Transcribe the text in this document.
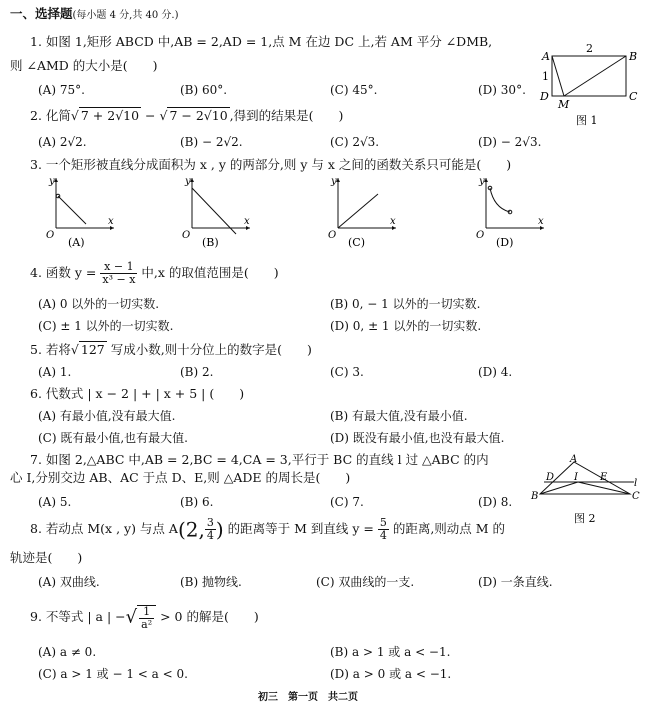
一、选择题(每小题 4 分,共 40 分.)
1. 如图 1,矩形 ABCD 中,AB = 2,AD = 1,点 M 在边 DC 上,若 AM 平分 ∠DMB,
则 ∠AMD 的大小是(　　)
(A) 75°.	(B) 60°.	(C) 45°.	(D) 30°.
A	B
C
D
M
2
1
图 1
2. 化简√ 7 + 2√10 − √ 7 − 2√10 ,得到的结果是(　　)
(A) 2√2.	(B) − 2√2.	(C) 2√3.	(D) − 2√3.
3. 一个矩形被直线分成面积为 x , y 的两部分,则 y 与 x 之间的函数关系只可能是(　　)
y
x
O
(A)
y
x
O
(B)
y
x
O
(C)
y
x
O
(D)
4. 函数 $y = \frac{x - 1}{\text{x³ − x}}$ 中,x 的取值范围是(　　)
(A) 0 以外的一切实数.	(B) 0, − 1 以外的一切实数.
(C) ± 1 以外的一切实数.	(D) 0, ± 1 以外的一切实数.
5. 若将√ 127 写成小数,则十分位上的数字是(　　)
(A) 1.	(B) 2.	(C) 3.	(D) 4.
6. 代数式 | x − 2 | + | x + 5 | (　　)
(A) 有最小值,没有最大值.	(B) 有最大值,没有最小值.
(C) 既有最小值,也有最大值.	(D) 既没有最小值,也没有最大值.
7. 如图 2,△ABC 中,AB = 2,BC = 4,CA = 3,平行于 BC 的直线 l 过 △ABC 的内
心 I,分别交边 AB、AC 于点 D、E,则 △ADE 的周长是(　　)
(A) 5.	(B) 6.	(C) 7.	(D) 8.
A
B	C
D	E
I
l
图 2
8. 若动点 M(x , y) 与点 A(2, $\frac{3}{4}$ ) 的距离等于 M 到直线 $y = \frac{5}{4}$ 的距离,则动点 M 的
轨迹是(　　)
(A) 双曲线.	(B) 抛物线.	(C) 双曲线的一支.	(D) 一条直线.
9. 不等式 | a | −√ $\frac{1}{\text{a²}} > 0$ 的解是(　　)
(A) a ≠ 0.	(B) a > 1 或 a < −1.
(C) a > 1 或 − 1 < a < 0.	(D) a > 0 或 a < −1.
初三　第一页　共二页
